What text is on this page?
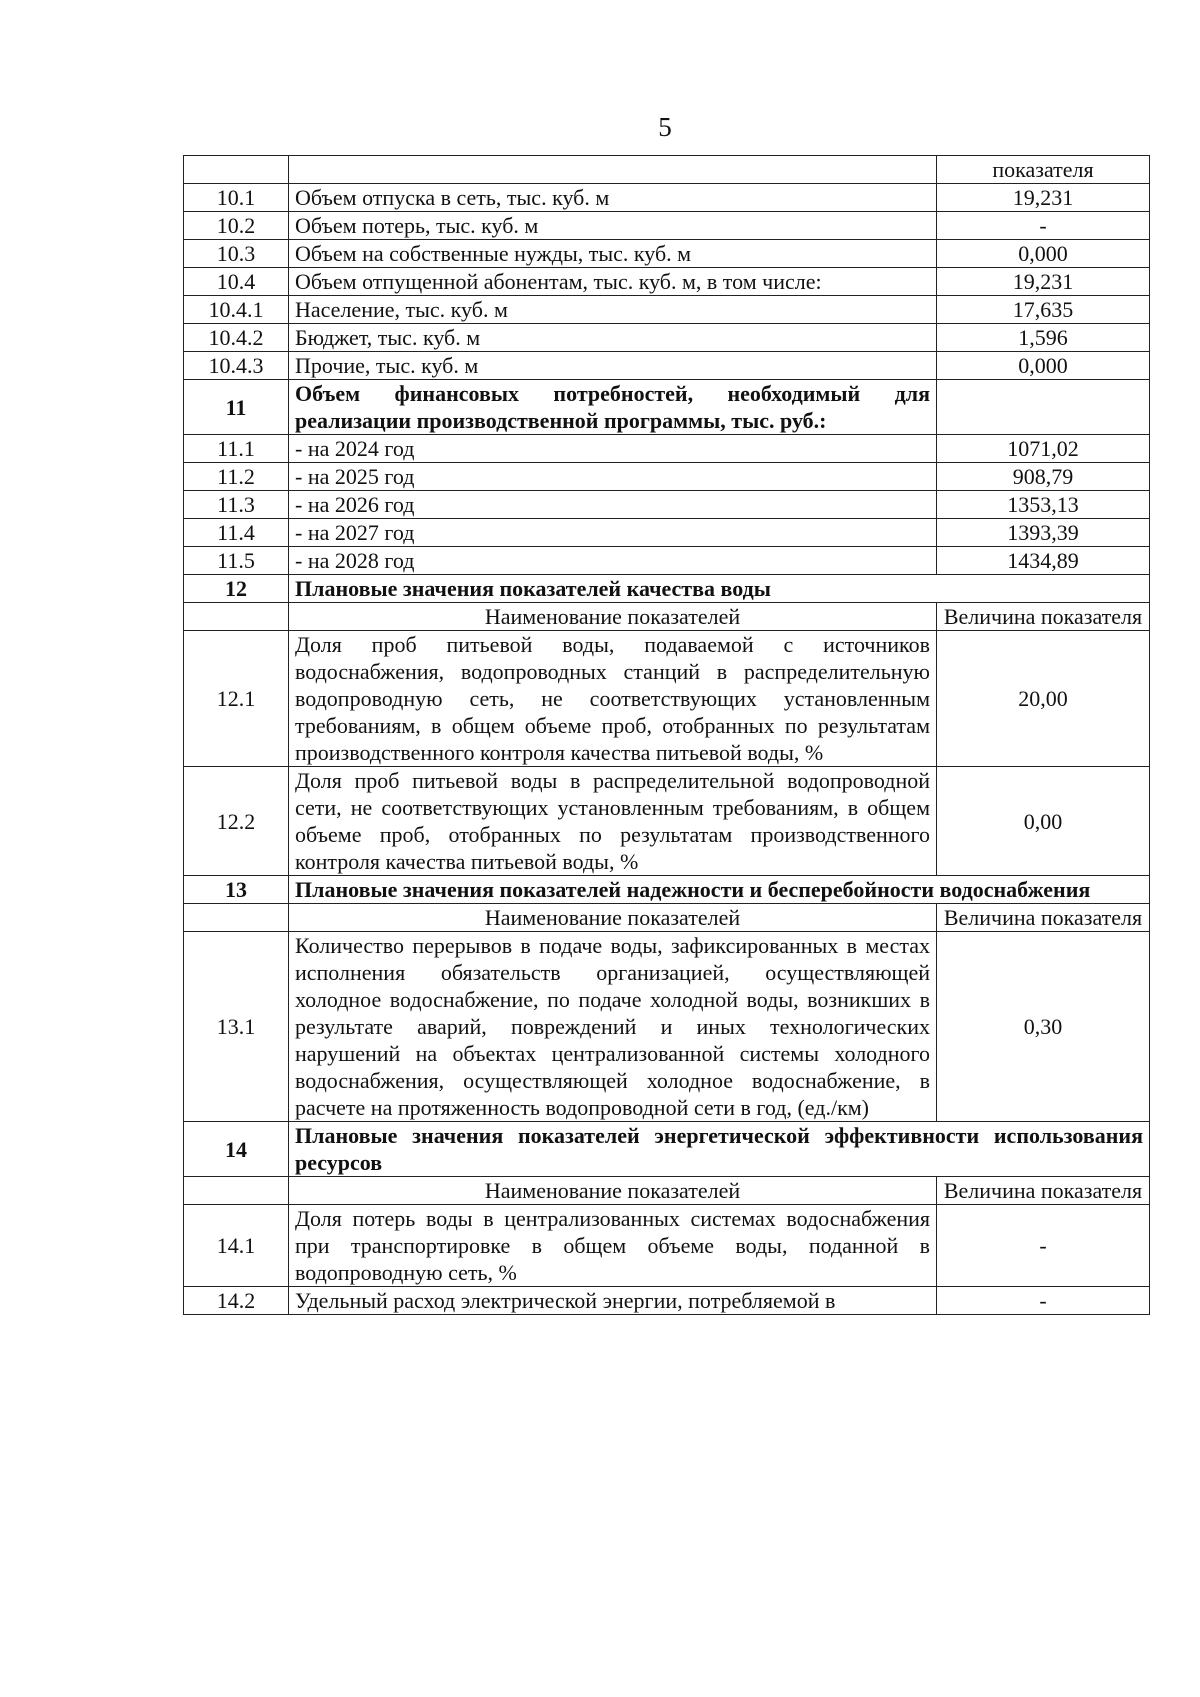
5
		показателя
10.1	Объем отпуска в сеть, тыс. куб. м	19,231
10.2	Объем потерь, тыс. куб. м	-
10.3	Объем на собственные нужды, тыс. куб. м	0,000
10.4	Объем отпущенной абонентам, тыс. куб. м, в том числе:	19,231
10.4.1	Население, тыс. куб. м	17,635
10.4.2	Бюджет, тыс. куб. м	1,596
10.4.3	Прочие, тыс. куб. м	0,000
11	Объем финансовых потребностей, необходимый для реализации производственной программы, тыс. руб.:	
11.1	- на 2024 год	1071,02
11.2	- на 2025 год	908,79
11.3	- на 2026 год	1353,13
11.4	- на 2027 год	1393,39
11.5	- на 2028 год	1434,89
12	Плановые значения показателей качества воды	
	Наименование показателей	Величина показателя
12.1	Доля проб питьевой воды, подаваемой с источников водоснабжения, водопроводных станций в распределительную водопроводную сеть, не соответствующих установленным требованиям, в общем объеме проб, отобранных по результатам производственного контроля качества питьевой воды, %	20,00
12.2	Доля проб питьевой воды в распределительной водопроводной сети, не соответствующих установленным требованиям, в общем объеме проб, отобранных по результатам производственного контроля качества питьевой воды, %	0,00
13	Плановые значения показателей надежности и бесперебойности водоснабжения	
	Наименование показателей	Величина показателя
13.1	Количество перерывов в подаче воды, зафиксированных в местах исполнения обязательств организацией, осуществляющей холодное водоснабжение, по подаче холодной воды, возникших в результате аварий, повреждений и иных технологических нарушений на объектах централизованной системы холодного водоснабжения, осуществляющей холодное водоснабжение, в расчете на протяженность водопроводной сети в год, (ед./км)	0,30
14	Плановые значения показателей энергетической эффективности использования ресурсов	
	Наименование показателей	Величина показателя
14.1	Доля потерь воды в централизованных системах водоснабжения при транспортировке в общем объеме воды, поданной в водопроводную сеть, %	-
14.2	Удельный расход электрической энергии, потребляемой в	-
